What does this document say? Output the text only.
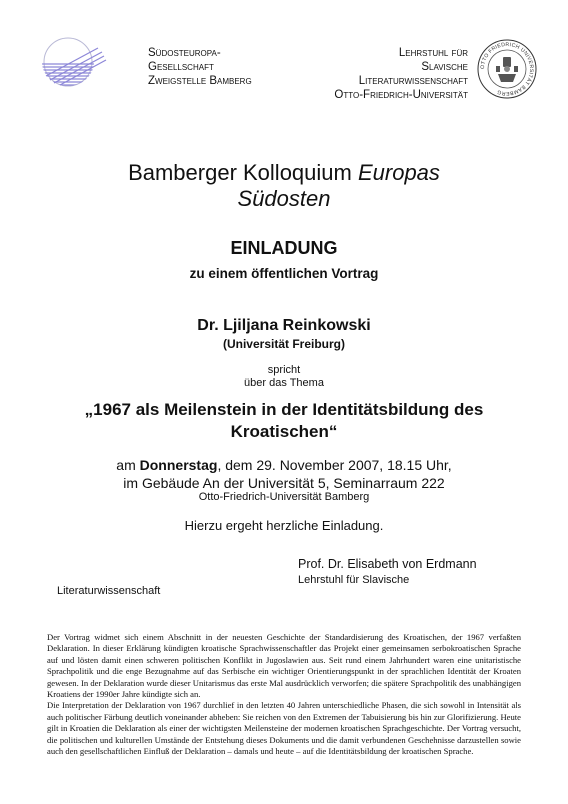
Südosteuropa-
Gesellschaft
Zweigstelle Bamberg
Lehrstuhl für
Slavische
Literaturwissenschaft
Otto-Friedrich-Universität
OTTO FRIEDRICH UNIVERSITÄT BAMBERG
Bamberger Kolloquium Europas
Südosten
EINLADUNG
zu einem öffentlichen Vortrag
Dr. Ljiljana Reinkowski
(Universität Freiburg)
spricht
über das Thema
„1967 als Meilenstein in der Identitätsbildung des
Kroatischen“
am Donnerstag, dem 29. November 2007, 18.15 Uhr,
im Gebäude An der Universität 5, Seminarraum 222
Otto-Friedrich-Universität Bamberg
Hierzu ergeht herzliche Einladung.
Prof. Dr. Elisabeth von Erdmann
Lehrstuhl für Slavische
Literaturwissenschaft
Der Vortrag widmet sich einem Abschnitt in der neuesten Geschichte der Standardisierung des Kroatischen, der 1967 verfaßten Deklaration. In dieser Erklärung kündigten kroatische Sprachwissenschaftler das Projekt einer gemeinsamen serbokroatischen Sprache auf und lösten damit einen schweren politischen Konflikt in Jugoslawien aus. Seit rund einem Jahrhundert waren eine unitaristische Sprachpolitik und die enge Bezugnahme auf das Serbische ein wichtiger Orientierungspunkt in der sprachlichen Identität der Kroaten gewesen. In der Deklaration wurde dieser Unitarismus das erste Mal ausdrücklich verworfen; die spätere Sprachpolitik des unabhängigen Kroatiens der 1990er Jahre kündigte sich an.
Die Interpretation der Deklaration von 1967 durchlief in den letzten 40 Jahren unterschiedliche Phasen, die sich sowohl in Intensität als auch politischer Färbung deutlich voneinander abheben: Sie reichen von den Extremen der Tabuisierung bis hin zur Glorifizierung. Heute gilt in Kroatien die Deklaration als einer der wichtigsten Meilensteine der modernen kroatischen Sprachgeschichte. Der Vortrag versucht, die politischen und kulturellen Umstände der Entstehung dieses Dokuments und die damit verbundenen Geschehnisse darzustellen sowie auch den gesellschaftlichen Einfluß der Deklaration – damals und heute – auf die Identitätsbildung der kroatischen Sprache.
